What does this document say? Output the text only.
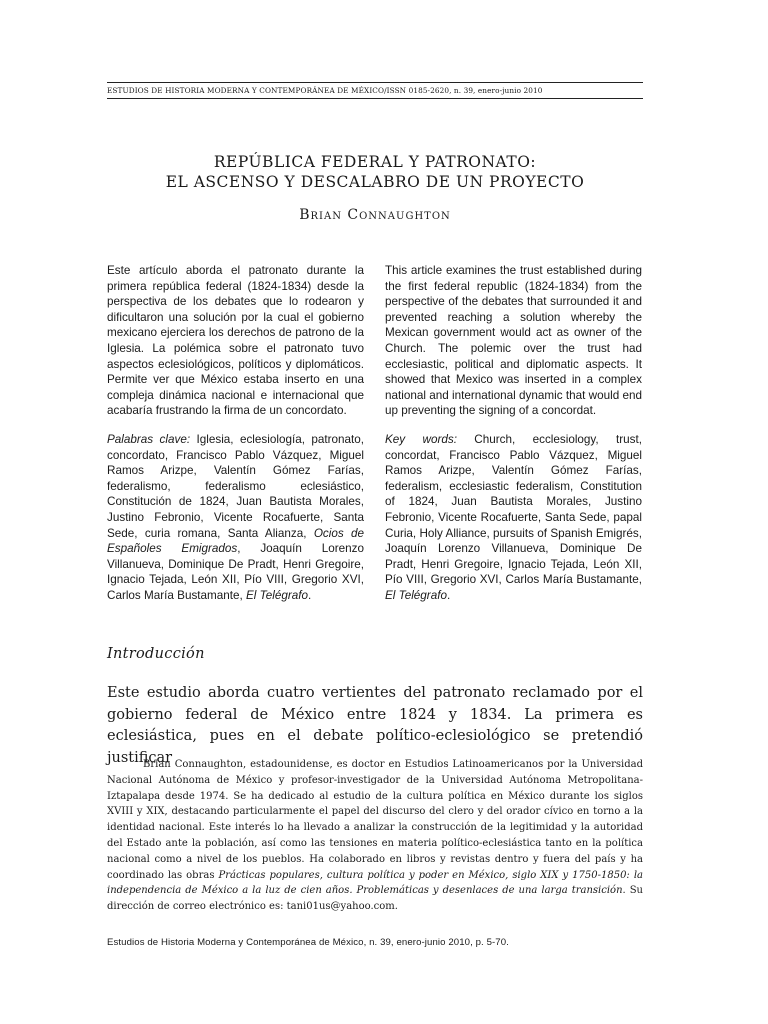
ESTUDIOS DE HISTORIA MODERNA Y CONTEMPORÁNEA DE MÉXICO/ISSN 0185-2620, n. 39, enero-junio 2010
REPÚBLICA FEDERAL Y PATRONATO:
EL ASCENSO Y DESCALABRO DE UN PROYECTO
Brian Connaughton

Este artículo aborda el patronato durante la primera república federal (1824-1834) desde la perspectiva de los debates que lo rodearon y dificultaron una solución por la cual el gobierno mexicano ejerciera los derechos de patrono de la Iglesia. La polémica sobre el patronato tuvo aspectos eclesiológicos, políticos y diplomáticos. Permite ver que México estaba inserto en una compleja dinámica nacional e internacional que acabaría frustrando la firma de un concordato.

Palabras clave: Iglesia, eclesiología, patronato, concordato, Francisco Pablo Vázquez, Miguel Ramos Arizpe, Valentín Gómez Farías, federalismo, federalismo eclesiástico, Constitución de 1824, Juan Bautista Morales, Justino Febronio, Vicente Rocafuerte, Santa Sede, curia romana, Santa Alianza, Ocios de Españoles Emigrados, Joaquín Lorenzo Villanueva, Dominique De Pradt, Henri Gregoire, Ignacio Tejada, León XII, Pío VIII, Gregorio XVI, Carlos María Bustamante, El Telégrafo.

This article examines the trust established during the first federal republic (1824-1834) from the perspective of the debates that surrounded it and prevented reaching a solution whereby the Mexican government would act as owner of the Church. The polemic over the trust had ecclesiastic, political and diplomatic aspects. It showed that Mexico was inserted in a complex national and international dynamic that would end up preventing the signing of a concordat.

Key words: Church, ecclesiology, trust, concordat, Francisco Pablo Vázquez, Miguel Ramos Arizpe, Valentín Gómez Farías, federalism, ecclesiastic federalism, Constitution of 1824, Juan Bautista Morales, Justino Febronio, Vicente Rocafuerte, Santa Sede, papal Curia, Holy Alliance, pursuits of Spanish Emigrés, Joaquín Lorenzo Villanueva, Dominique De Pradt, Henri Gregoire, Ignacio Tejada, León XII, Pío VIII, Gregorio XVI, Carlos María Bustamante, El Telégrafo.

Introducción

Este estudio aborda cuatro vertientes del patronato reclamado por el gobierno federal de México entre 1824 y 1834. La primera es eclesiástica, pues en el debate político-eclesiológico se pretendió justificar

Brian Connaughton, estadounidense, es doctor en Estudios Latinoamericanos por la Universidad Nacional Autónoma de México y profesor-investigador de la Universidad Autónoma Metropolitana-Iztapalapa desde 1974. Se ha dedicado al estudio de la cultura política en México durante los siglos XVIII y XIX, destacando particularmente el papel del discurso del clero y del orador cívico en torno a la identidad nacional. Este interés lo ha llevado a analizar la construcción de la legitimidad y la autoridad del Estado ante la población, así como las tensiones en materia político-eclesiástica tanto en la política nacional como a nivel de los pueblos. Ha colaborado en libros y revistas dentro y fuera del país y ha coordinado las obras Prácticas populares, cultura política y poder en México, siglo XIX y 1750-1850: la independencia de México a la luz de cien años. Problemáticas y desenlaces de una larga transición. Su dirección de correo electrónico es: tani01us@yahoo.com.

Estudios de Historia Moderna y Contemporánea de México, n. 39, enero-junio 2010, p. 5-70.
